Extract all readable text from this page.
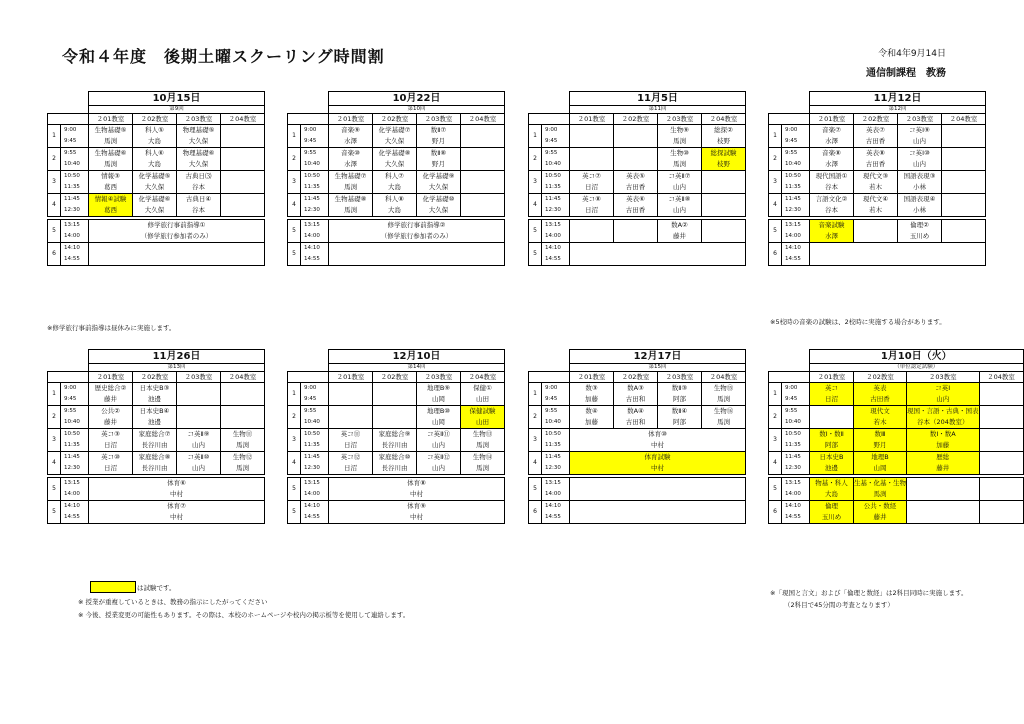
令和４年度　後期土曜スクーリング時間割	令和4年9月14日
通信制課程　教務
		10月15日			
		第9回			
		２01教室	２02教室	２03教室	２04教室
1	9:00	生物基礎⑤	科人⑤	物理基礎⑤	
	9:45	馬渕	大島	大久保	
2	9:55	生物基礎⑥	科人⑥	物理基礎⑥	
	10:40	馬渕	大島	大久保	
3	10:50	情報③	化学基礎⑤	古典日⑶	
	11:35	葛西	大久保	谷本	
4	11:45	情報④試験	化学基礎⑥	古典日④	
	12:30	葛西	大久保	谷本	

5	13:15	修学旅行事前指導①			
	14:00	（修学旅行参加者のみ）			
6	14:10				
	14:55				
		10月22日			
		第10回			
		２01教室	２02教室	２03教室	２04教室
1	9:00	音楽⑨	化学基礎⑦	数Ⅱ⑦	
	9:45	水澤	大久保	野月	
2	9:55	音楽⑩	化学基礎⑧	数Ⅱ⑧	
	10:40	水澤	大久保	野月	
3	10:50	生物基礎⑦	科人⑦	化学基礎⑨	
	11:35	馬渕	大島	大久保	
4	11:45	生物基礎⑧	科人⑧	化学基礎⑩	
	12:30	馬渕	大島	大久保	

5	13:15	修学旅行事前指導②			
	14:00	（修学旅行参加者のみ）			
5	14:10				
	14:55				
		11月5日			
		第11回			
		２01教室	２02教室	２03教室	２04教室
1	9:00			生物⑨	総探②
	9:45			馬渕	枝野
2	9:55			生物⑩	総探試験
	10:40			馬渕	枝野
3	10:50	英コ⑦	英表⑤	コ英Ⅱ⑦	
	11:35	日沼	古田香	山内	
4	11:45	英コ⑧	英表⑥	コ英Ⅱ⑧	
	12:30	日沼	古田香	山内	

5	13:15			数A②	
	14:00			藤井	
5	14:10				
	14:55				
		11月12日			
		第12回			
		２01教室	２02教室	２03教室	２04教室
1	9:00	音楽⑦	英表⑦	コ英Ⅰ⑨	
	9:45	水澤	古田香	山内	
2	9:55	音楽⑧	英表⑧	コ英Ⅰ⑩	
	10:40	水澤	古田香	山内	
3	10:50	現代国語①	現代文③	国語表現③	
	11:35	谷本	若木	小林	
4	11:45	言語文化②	現代文④	国語表現④	
	12:30	谷本	若木	小林	

5	13:15	音楽試験		倫理②	
	14:00	水澤		玉川め	
6	14:10				
	14:55				
		11月26日			
		第13回			
		２01教室	２02教室	２03教室	２04教室
1	9:00	歴史総合②	日本史B③		
	9:45	藤井	池邊		
2	9:55	公共②	日本史B④		
	10:40	藤井	池邊		
3	10:50	英コ③	家庭総合⑦	コ英Ⅱ⑨	生物⑪
	11:35	日沼	長谷川由	山内	馬渕
4	11:45	英コ⑩	家庭総合⑧	コ英Ⅱ⑩	生物⑫
	12:30	日沼	長谷川由	山内	馬渕

5	13:15	体育⑥			
	14:00	中村			
5	14:10	体育⑦			
	14:55	中村			
		12月10日			
		第14回			
		２01教室	２02教室	２03教室	２04教室
1	9:00			地理B⑨	保健①
	9:45			山岡	山田
2	9:55			地理B⑩	保健試験
	10:40			山岡	山田
3	10:50	英コ⑪	家庭総合⑨	コ英Ⅱ⑪	生物⑬
	11:35	日沼	長谷川由	山内	馬渕
4	11:45	英コ⑫	家庭総合⑩	コ英Ⅱ⑫	生物⑭
	12:30	日沼	長谷川由	山内	馬渕

5	13:15	体育⑧			
	14:00	中村			
5	14:10	体育⑨			
	14:55	中村			
		12月17日			
		第15回			
		２01教室	２02教室	２03教室	２04教室
1	9:00	数③	数A③	数Ⅱ③	生物⑮
	9:45	加藤	古田和	阿部	馬渕
2	9:55	数④	数A④	数Ⅱ④	生物⑯
	10:40	加藤	古田和	阿部	馬渕
3	10:50	体育⑩			
	11:35	中村			
4	11:45	体育試験			
	12:30	中村			

5	13:15				
	14:00				
6	14:10				
	14:55				
		1月10日（火）			
		（単位認定試験）			
		２01教室	２02教室	２03教室	２04教室
1	9:00	英コ	英表	コ英Ⅰ	
	9:45	日沼	古田香	山内	
2	9:55		現代文	現国・言語・古典・国表	
	10:40		若木	谷本（204教室）	
3	10:50	数Ⅰ・数Ⅱ	数Ⅲ	数Ⅰ・数A	
	11:35	阿部	野月	加藤	
4	11:45	日本史B	地理B	歴総	
	12:30	池邊	山岡	藤井	

5	13:15	物基・科人	生基・化基・生物		
	14:00	大島	馬渕		
6	14:10	倫理	公共・数経		
	14:55	玉川め	藤井		
※修学旅行事前指導は昼休みに実施します。
※5校時の音楽の試験は、2校時に実施する場合があります。
は試験です。
※ 授業が重複しているときは、教務の指示にしたがってください
※ 今後、授業変更の可能性もあります。その際は、本校のホームページや校内の掲示板等を使用して連絡します。
※「現国と言文」および「倫理と数経」は2科目同時に実施します。
（2科目で45分間の考査となります）
